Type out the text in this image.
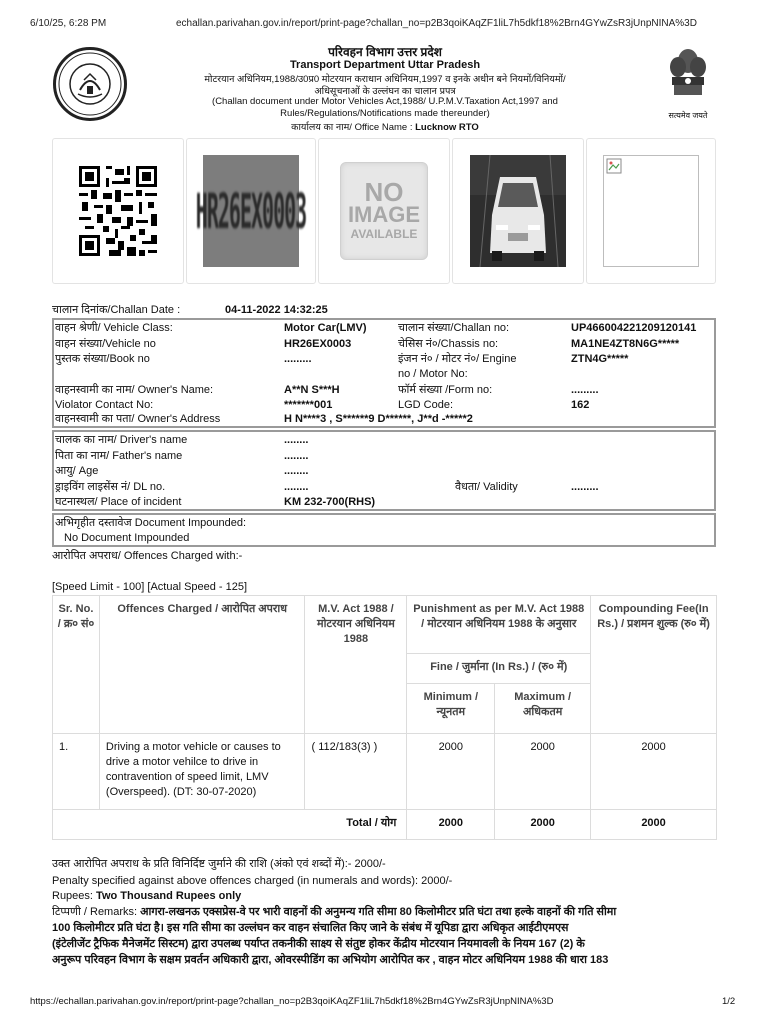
6/10/25, 6:28 PM	echallan.parivahan.gov.in/report/print-page?challan_no=p2B3qoiKAqZF1liL7h5dkf18%2Brn4GYwZsR3jUnpNINA%3D
परिवहन विभाग उत्तर प्रदेश
Transport Department Uttar Pradesh
मोटरयान अधिनियम,1988/उ0प्र0 मोटरयान कराधान अधिनियम,1997 व इनके अधीन बने नियमों/विनियमों/
अधिसूचनाओं के उल्लंघन का चालान प्रपत्र
(Challan document under Motor Vehicles Act,1988/ U.P.M.V.Taxation Act,1997 and
Rules/Regulations/Notifications made thereunder)
कार्यालय का नाम/ Office Name : Lucknow RTO
सत्यमेव जयते
HR26EX0003 NO
IMAGE
AVAILABLE
चालान दिनांक/Challan Date :	04-11-2022 14:32:25
वाहन श्रेणी/ Vehicle Class:	Motor Car(LMV)	चालान संख्या/Challan no:	UP466004221209120141
वाहन संख्या/Vehicle no	HR26EX0003	चेसिस नं०/Chassis no:	MA1NE4ZT8N6G*****
पुस्तक संख्या/Book no	.........	इंजन नं० / मोटर नं०/ Engine
no / Motor No:
ZTN4G*****
वाहनस्वामी का नाम/ Owner's Name:	A**N S***H	फॉर्म संख्या /Form no:	.........
Violator Contact No:	*******001	LGD Code:	162
वाहनस्वामी का पता/ Owner's Address	H N****3 , S******9 D******, J**d -*****2
चालक का नाम/ Driver's name	........
पिता का नाम/ Father's name	........
आयु/ Age	........
ड्राइविंग लाइसेंस नं/ DL no.	........	वैधता/ Validity	.........
घटनास्थल/ Place of incident	KM 232-700(RHS)
अभिगृहीत दस्तावेज Document Impounded:
No Document Impounded
आरोपित अपराध/ Offences Charged with:-
[Speed Limit - 100] [Actual Speed - 125]
Sr. No. / क्र० सं०	Offences Charged / आरोपित अपराध	M.V. Act 1988 / मोटरयान अधिनियम 1988	Punishment as per M.V. Act 1988 / मोटरयान अधिनियम 1988 के अनुसार		Compounding Fee(In Rs.) / प्रशमन शुल्क (रु० में)
			Fine / जुर्माना (In Rs.) / (रु० में)		
			Minimum / न्यूनतम	Maximum / अधिकतम	
1.	Driving a motor vehicle or causes to drive a motor vehilce to drive in contravention of speed limit, LMV (Overspeed). (DT: 30-07-2020)	( 112/183(3) )	2000	2000	2000
Total / योग			2000	2000	2000
उक्त आरोपित अपराध के प्रति विनिर्दिष्ट जुर्माने की राशि (अंको एवं शब्दों में):- 2000/-
Penalty specified against above offences charged (in numerals and words): 2000/-
Rupees: Two Thousand Rupees only
टिप्पणी / Remarks: आगरा-लखनऊ एक्सप्रेस-वे पर भारी वाहनों की अनुमन्य गति सीमा 80 किलोमीटर प्रति घंटा तथा हल्के वाहनों की गति सीमा
100 किलोमीटर प्रति घंटा है। इस गति सीमा का उल्लंघन कर वाहन संचालित किए जाने के संबंध में यूपिडा द्वारा अधिकृत आईटीएमएस
(इंटेलीजेंट ट्रैफिक मैनेजमेंट सिस्टम) द्वारा उपलब्ध पर्याप्त तकनीकी साक्ष्य से संतुष्ट होकर केंद्रीय मोटरयान नियमावली के नियम 167 (2) के
अनुरूप परिवहन विभाग के सक्षम प्रवर्तन अधिकारी द्वारा, ओवरस्पीडिंग का अभियोग आरोपित कर , वाहन मोटर अधिनियम 1988 की धारा 183
https://echallan.parivahan.gov.in/report/print-page?challan_no=p2B3qoiKAqZF1liL7h5dkf18%2Brn4GYwZsR3jUnpNINA%3D	1/2
